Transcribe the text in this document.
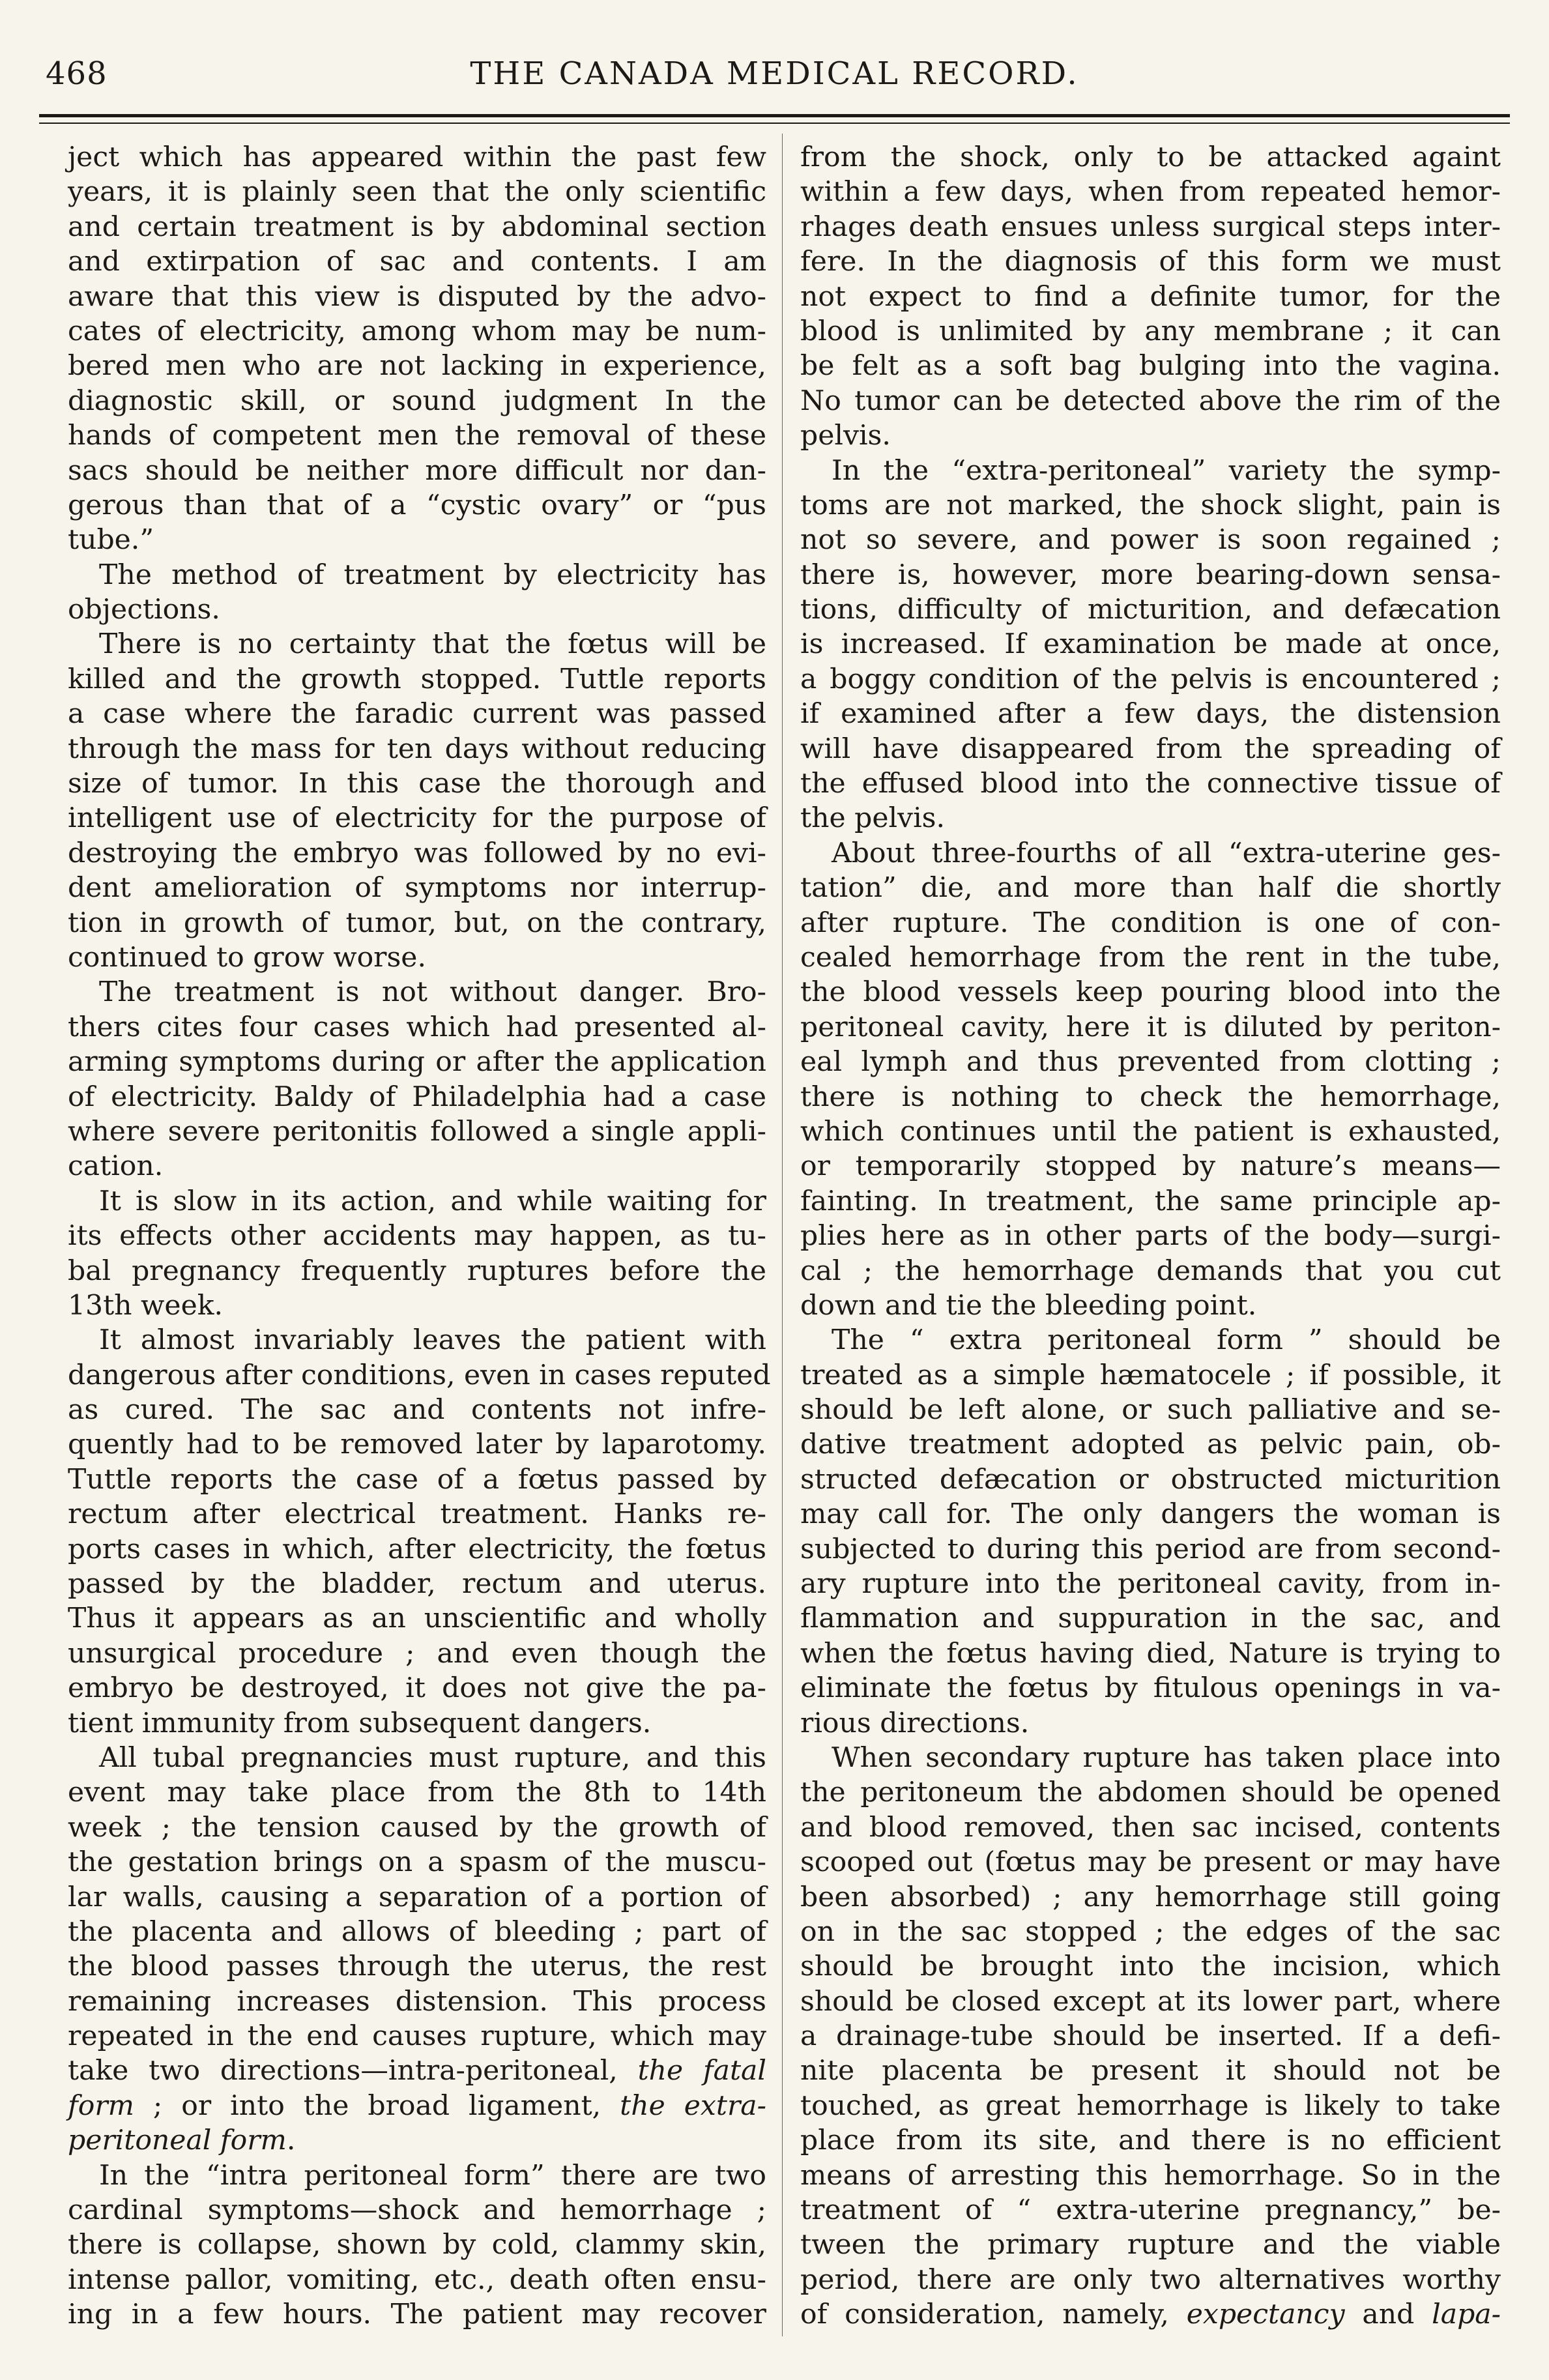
468	THE CANADA MEDICAL RECORD.
ject which has appeared within the past few
years, it is plainly seen that the only scientific
and certain treatment is by abdominal section
and extirpation of sac and contents. I am
aware that this view is disputed by the advo-
cates of electricity, among whom may be num-
bered men who are not lacking in experience,
diagnostic skill, or sound judgment In the
hands of competent men the removal of these
sacs should be neither more difficult nor dan-
gerous than that of a “cystic ovary” or “pus
tube.”
The method of treatment by electricity has
objections.
There is no certainty that the fœtus will be
killed and the growth stopped. Tuttle reports
a case where the faradic current was passed
through the mass for ten days without reducing
size of tumor. In this case the thorough and
intelligent use of electricity for the purpose of
destroying the embryo was followed by no evi-
dent amelioration of symptoms nor interrup-
tion in growth of tumor, but, on the contrary,
continued to grow worse.
The treatment is not without danger. Bro-
thers cites four cases which had presented al-
arming symptoms during or after the application
of electricity. Baldy of Philadelphia had a case
where severe peritonitis followed a single appli-
cation.
It is slow in its action, and while waiting for
its effects other accidents may happen, as tu-
bal pregnancy frequently ruptures before the
13th week.
It almost invariably leaves the patient with
dangerous after conditions, even in cases reputed
as cured. The sac and contents not infre-
quently had to be removed later by laparotomy.
Tuttle reports the case of a fœtus passed by
rectum after electrical treatment. Hanks re-
ports cases in which, after electricity, the fœtus
passed by the bladder, rectum and uterus.
Thus it appears as an unscientific and wholly
unsurgical procedure ; and even though the
embryo be destroyed, it does not give the pa-
tient immunity from subsequent dangers.
All tubal pregnancies must rupture, and this
event may take place from the 8th to 14th
week ; the tension caused by the growth of
the gestation brings on a spasm of the muscu-
lar walls, causing a separation of a portion of
the placenta and allows of bleeding ; part of
the blood passes through the uterus, the rest
remaining increases distension. This process
repeated in the end causes rupture, which may
take two directions—intra-peritoneal, the fatal
form ; or into the broad ligament, the extra-
peritoneal form.
In the “intra peritoneal form” there are two
cardinal symptoms—shock and hemorrhage ;
there is collapse, shown by cold, clammy skin,
intense pallor, vomiting, etc., death often ensu-
ing in a few hours. The patient may recover
from the shock, only to be attacked againt
within a few days, when from repeated hemor-
rhages death ensues unless surgical steps inter-
fere. In the diagnosis of this form we must
not expect to find a definite tumor, for the
blood is unlimited by any membrane ; it can
be felt as a soft bag bulging into the vagina.
No tumor can be detected above the rim of the
pelvis.
In the “extra-peritoneal” variety the symp-
toms are not marked, the shock slight, pain is
not so severe, and power is soon regained ;
there is, however, more bearing-down sensa-
tions, difficulty of micturition, and defæcation
is increased. If examination be made at once,
a boggy condition of the pelvis is encountered ;
if examined after a few days, the distension
will have disappeared from the spreading of
the effused blood into the connective tissue of
the pelvis.
About three-fourths of all “extra-uterine ges-
tation” die, and more than half die shortly
after rupture. The condition is one of con-
cealed hemorrhage from the rent in the tube,
the blood vessels keep pouring blood into the
peritoneal cavity, here it is diluted by periton-
eal lymph and thus prevented from clotting ;
there is nothing to check the hemorrhage,
which continues until the patient is exhausted,
or temporarily stopped by nature’s means—
fainting. In treatment, the same principle ap-
plies here as in other parts of the body—surgi-
cal ; the hemorrhage demands that you cut
down and tie the bleeding point.
The “ extra peritoneal form ” should be
treated as a simple hæmatocele ; if possible, it
should be left alone, or such palliative and se-
dative treatment adopted as pelvic pain, ob-
structed defæcation or obstructed micturition
may call for. The only dangers the woman is
subjected to during this period are from second-
ary rupture into the peritoneal cavity, from in-
flammation and suppuration in the sac, and
when the fœtus having died, Nature is trying to
eliminate the fœtus by fitulous openings in va-
rious directions.
When secondary rupture has taken place into
the peritoneum the abdomen should be opened
and blood removed, then sac incised, contents
scooped out (fœtus may be present or may have
been absorbed) ; any hemorrhage still going
on in the sac stopped ; the edges of the sac
should be brought into the incision, which
should be closed except at its lower part, where
a drainage-tube should be inserted. If a defi-
nite placenta be present it should not be
touched, as great hemorrhage is likely to take
place from its site, and there is no efficient
means of arresting this hemorrhage. So in the
treatment of “ extra-uterine pregnancy,” be-
tween the primary rupture and the viable
period, there are only two alternatives worthy
of consideration, namely, expectancy and lapa-
